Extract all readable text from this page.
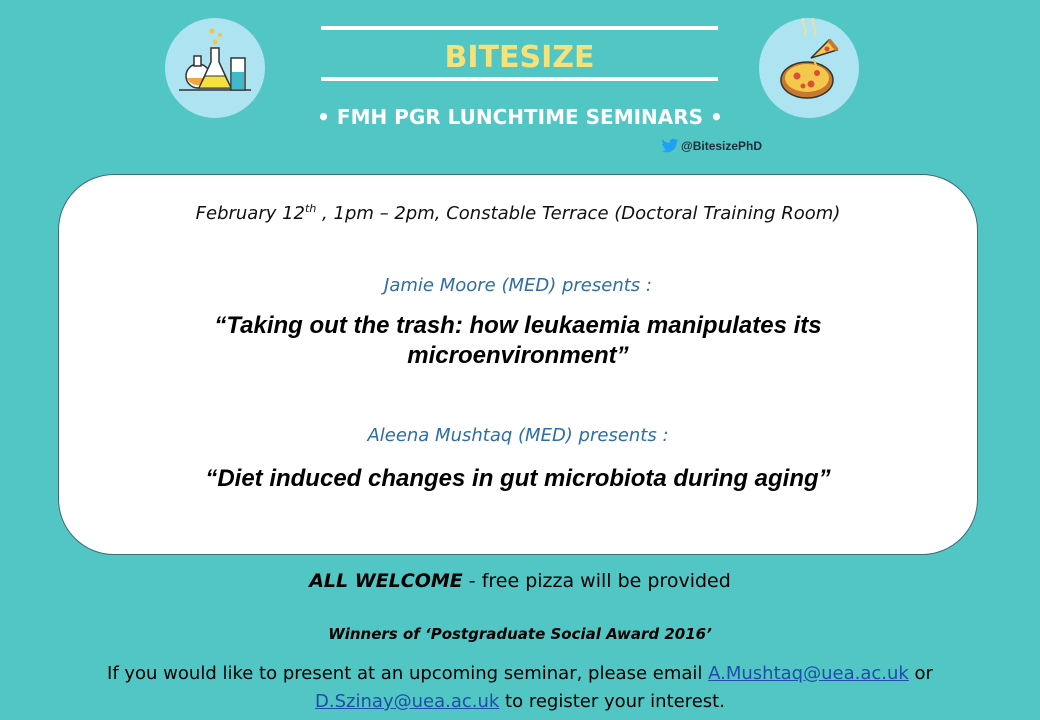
BITESIZE
• FMH PGR LUNCHTIME SEMINARS •
@BitesizePhD
February 12th , 1pm – 2pm, Constable Terrace (Doctoral Training Room)
Jamie Moore (MED) presents :
“Taking out the trash: how leukaemia manipulates its
microenvironment”
Aleena Mushtaq (MED) presents :
“Diet induced changes in gut microbiota during aging”
ALL WELCOME - free pizza will be provided
Winners of ‘Postgraduate Social Award 2016’
If you would like to present at an upcoming seminar, please email A.Mushtaq@uea.ac.uk or
D.Szinay@uea.ac.uk to register your interest.
